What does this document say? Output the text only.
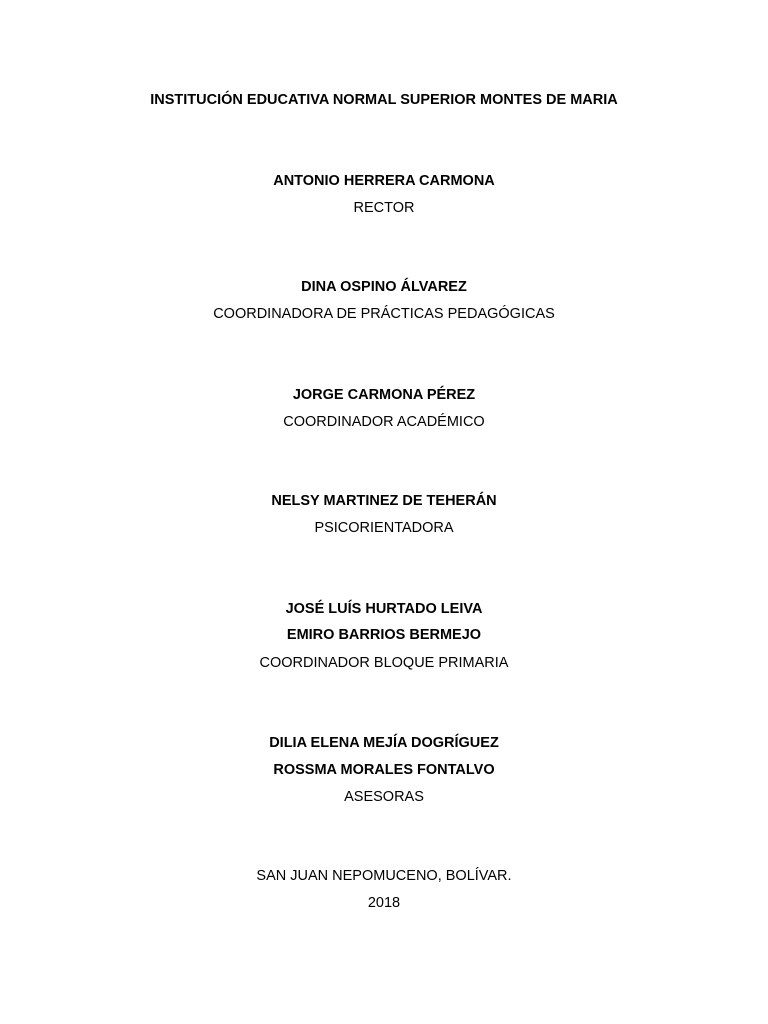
INSTITUCIÓN EDUCATIVA NORMAL SUPERIOR MONTES DE MARIA
ANTONIO HERRERA CARMONA
RECTOR
DINA OSPINO ÁLVAREZ
COORDINADORA DE PRÁCTICAS PEDAGÓGICAS
JORGE CARMONA PÉREZ
COORDINADOR ACADÉMICO
NELSY MARTINEZ DE TEHERÁN
PSICORIENTADORA
JOSÉ LUÍS HURTADO LEIVA
EMIRO BARRIOS BERMEJO
COORDINADOR BLOQUE PRIMARIA
DILIA ELENA MEJÍA DOGRÍGUEZ
ROSSMA MORALES FONTALVO
ASESORAS
SAN JUAN NEPOMUCENO, BOLÍVAR.
2018
